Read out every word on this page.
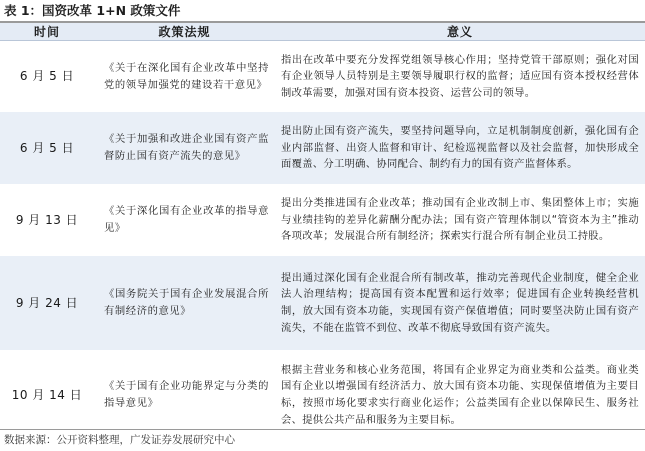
表 1：国资改革 1+N 政策文件
时间	政策法规	意义
6 月 5 日	《关于在深化国有企业改革中坚持党的领导加强党的建设若干意见》	指出在改革中要充分发挥党组领导核心作用；坚持党管干部原则；强化对国有企业领导人员特别是主要领导履职行权的监督；适应国有资本授权经营体制改革需要，加强对国有资本投资、运营公司的领导。
6 月 5 日	《关于加强和改进企业国有资产监督防止国有资产流失的意见》	提出防止国有资产流失，要坚持问题导向，立足机制制度创新，强化国有企业内部监督、出资人监督和审计、纪检巡视监督以及社会监督，加快形成全面覆盖、分工明确、协同配合、制约有力的国有资产监督体系。
9 月 13 日	《关于深化国有企业改革的指导意见》	提出分类推进国有企业改革；推动国有企业改制上市、集团整体上市；实施与业绩挂钩的差异化薪酬分配办法；国有资产管理体制以“管资本为主”推动各项改革；发展混合所有制经济；探索实行混合所有制企业员工持股。
9 月 24 日	《国务院关于国有企业发展混合所有制经济的意见》	提出通过深化国有企业混合所有制改革，推动完善现代企业制度，健全企业法人治理结构；提高国有资本配置和运行效率；促进国有企业转换经营机制，放大国有资本功能，实现国有资产保值增值；同时要坚决防止国有资产流失，不能在监管不到位、改革不彻底导致国有资产流失。
10 月 14 日	《关于国有企业功能界定与分类的指导意见》	根据主营业务和核心业务范围，将国有企业界定为商业类和公益类。商业类国有企业以增强国有经济活力、放大国有资本功能、实现保值增值为主要目标，按照市场化要求实行商业化运作；公益类国有企业以保障民生、服务社会、提供公共产品和服务为主要目标。
数据来源：公开资料整理，广发证券发展研究中心
